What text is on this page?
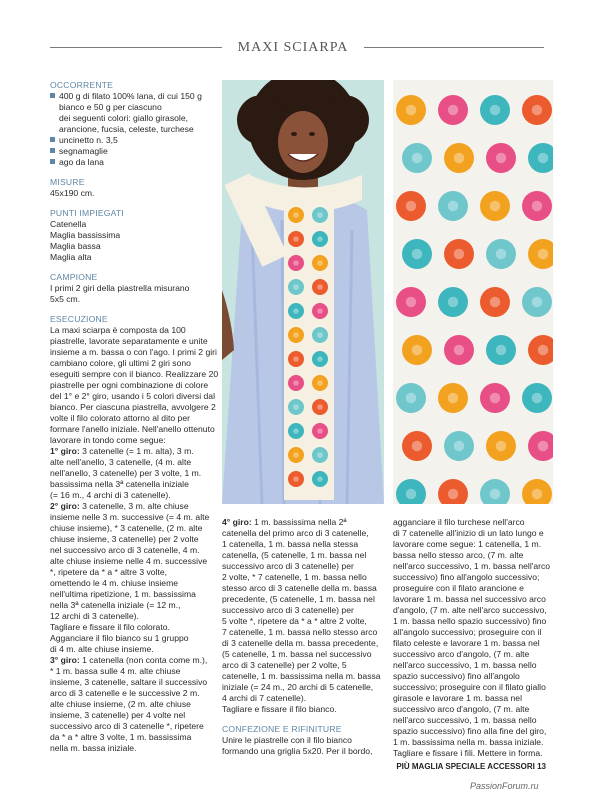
MAXI SCIARPA

OCCORRENTE

400 g di filato 100% lana, di cui 150 g
bianco e 50 g per ciascuno
dei seguenti colori: giallo girasole,
arancione, fucsia, celeste, turchese
uncinetto n. 3,5
segnamaglie
ago da lana

MISURE

45x190 cm.

PUNTI IMPIEGATI

Catenella
Maglia bassissima
Maglia bassa
Maglia alta

CAMPIONE

I primi 2 giri della piastrella misurano
5x5 cm.

ESECUZIONE

La maxi sciarpa è composta da 100
piastrelle, lavorate separatamente e unite
insieme a m. bassa o con l'ago. I primi 2 giri
cambiano colore, gli ultimi 2 giri sono
eseguiti sempre con il bianco. Realizzare 20
piastrelle per ogni combinazione di colore
del 1° e 2° giro, usando i 5 colori diversi dal
bianco. Per ciascuna piastrella, avvolgere 2
volte il filo colorato attorno al dito per
formare l'anello iniziale. Nell'anello ottenuto
lavorare in tondo come segue:
1° giro: 3 catenelle (= 1 m. alta), 3 m.
alte nell'anello, 3 catenelle, (4 m. alte
nell'anello, 3 catenelle) per 3 volte, 1 m.
bassissima nella 3ª catenella iniziale
(= 16 m., 4 archi di 3 catenelle).
2° giro: 3 catenelle, 3 m. alte chiuse
insieme nelle 3 m. successive (= 4 m. alte
chiuse insieme), * 3 catenelle, (2 m. alte
chiuse insieme, 3 catenelle) per 2 volte
nel successivo arco di 3 catenelle, 4 m.
alte chiuse insieme nelle 4 m. successive
*, ripetere da * a * altre 3 volte,
omettendo le 4 m. chiuse insieme
nell'ultima ripetizione, 1 m. bassissima
nella 3ª catenella iniziale (= 12 m.,
12 archi di 3 catenelle).
Tagliare e fissare il filo colorato.
Agganciare il filo bianco su 1 gruppo
di 4 m. alte chiuse insieme.
3° giro: 1 catenella (non conta come m.),
* 1 m. bassa sulle 4 m. alte chiuse
insieme, 3 catenelle, saltare il successivo
arco di 3 catenelle e le successive 2 m.
alte chiuse insieme, (2 m. alte chiuse
insieme, 3 catenelle) per 4 volte nel
successivo arco di 3 catenelle *, ripetere
da * a * altre 3 volte, 1 m. bassissima
nella m. bassa iniziale.
4° giro: 1 m. bassissima nella 2ª
catenella del primo arco di 3 catenelle,
1 catenella, 1 m. bassa nella stessa
catenella, (5 catenelle, 1 m. bassa nel
successivo arco di 3 catenelle) per
2 volte, * 7 catenelle, 1 m. bassa nello
stesso arco di 3 catenelle della m. bassa
precedente, (5 catenelle, 1 m. bassa nel
successivo arco di 3 catenelle) per
5 volte *, ripetere da * a * altre 2 volte,
7 catenelle, 1 m. bassa nello stesso arco
di 3 catenelle della m. bassa precedente,
(5 catenelle, 1 m. bassa nel successivo
arco di 3 catenelle) per 2 volte, 5
catenelle, 1 m. bassissima nella m. bassa
iniziale (= 24 m., 20 archi di 5 catenelle,
4 archi di 7 catenelle).
Tagliare e fissare il filo bianco.

CONFEZIONE E RIFINITURE

Unire le piastrelle con il filo bianco
formando una griglia 5x20. Per il bordo,
agganciare il filo turchese nell'arco
di 7 catenelle all'inizio di un lato lungo e
lavorare come segue: 1 catenella, 1 m.
bassa nello stesso arco, (7 m. alte
nell'arco successivo, 1 m. bassa nell'arco
successivo) fino all'angolo successivo;
proseguire con il filato arancione e
lavorare 1 m. bassa nel successivo arco
d'angolo, (7 m. alte nell'arco successivo,
1 m. bassa nello spazio successivo) fino
all'angolo successivo; proseguire con il
filato celeste e lavorare 1 m. bassa nel
successivo arco d'angolo, (7 m. alte
nell'arco successivo, 1 m. bassa nello
spazio successivo) fino all'angolo
successivo; proseguire con il filato giallo
girasole e lavorare 1 m. bassa nel
successivo arco d'angolo, (7 m. alte
nell'arco successivo, 1 m. bassa nello
spazio successivo) fino alla fine del giro,
1 m. bassissima nella m. bassa iniziale.
Tagliare e fissare i fili. Mettere in forma.
PIÙ MAGLIA SPECIALE ACCESSORI 13
PassionForum.ru
